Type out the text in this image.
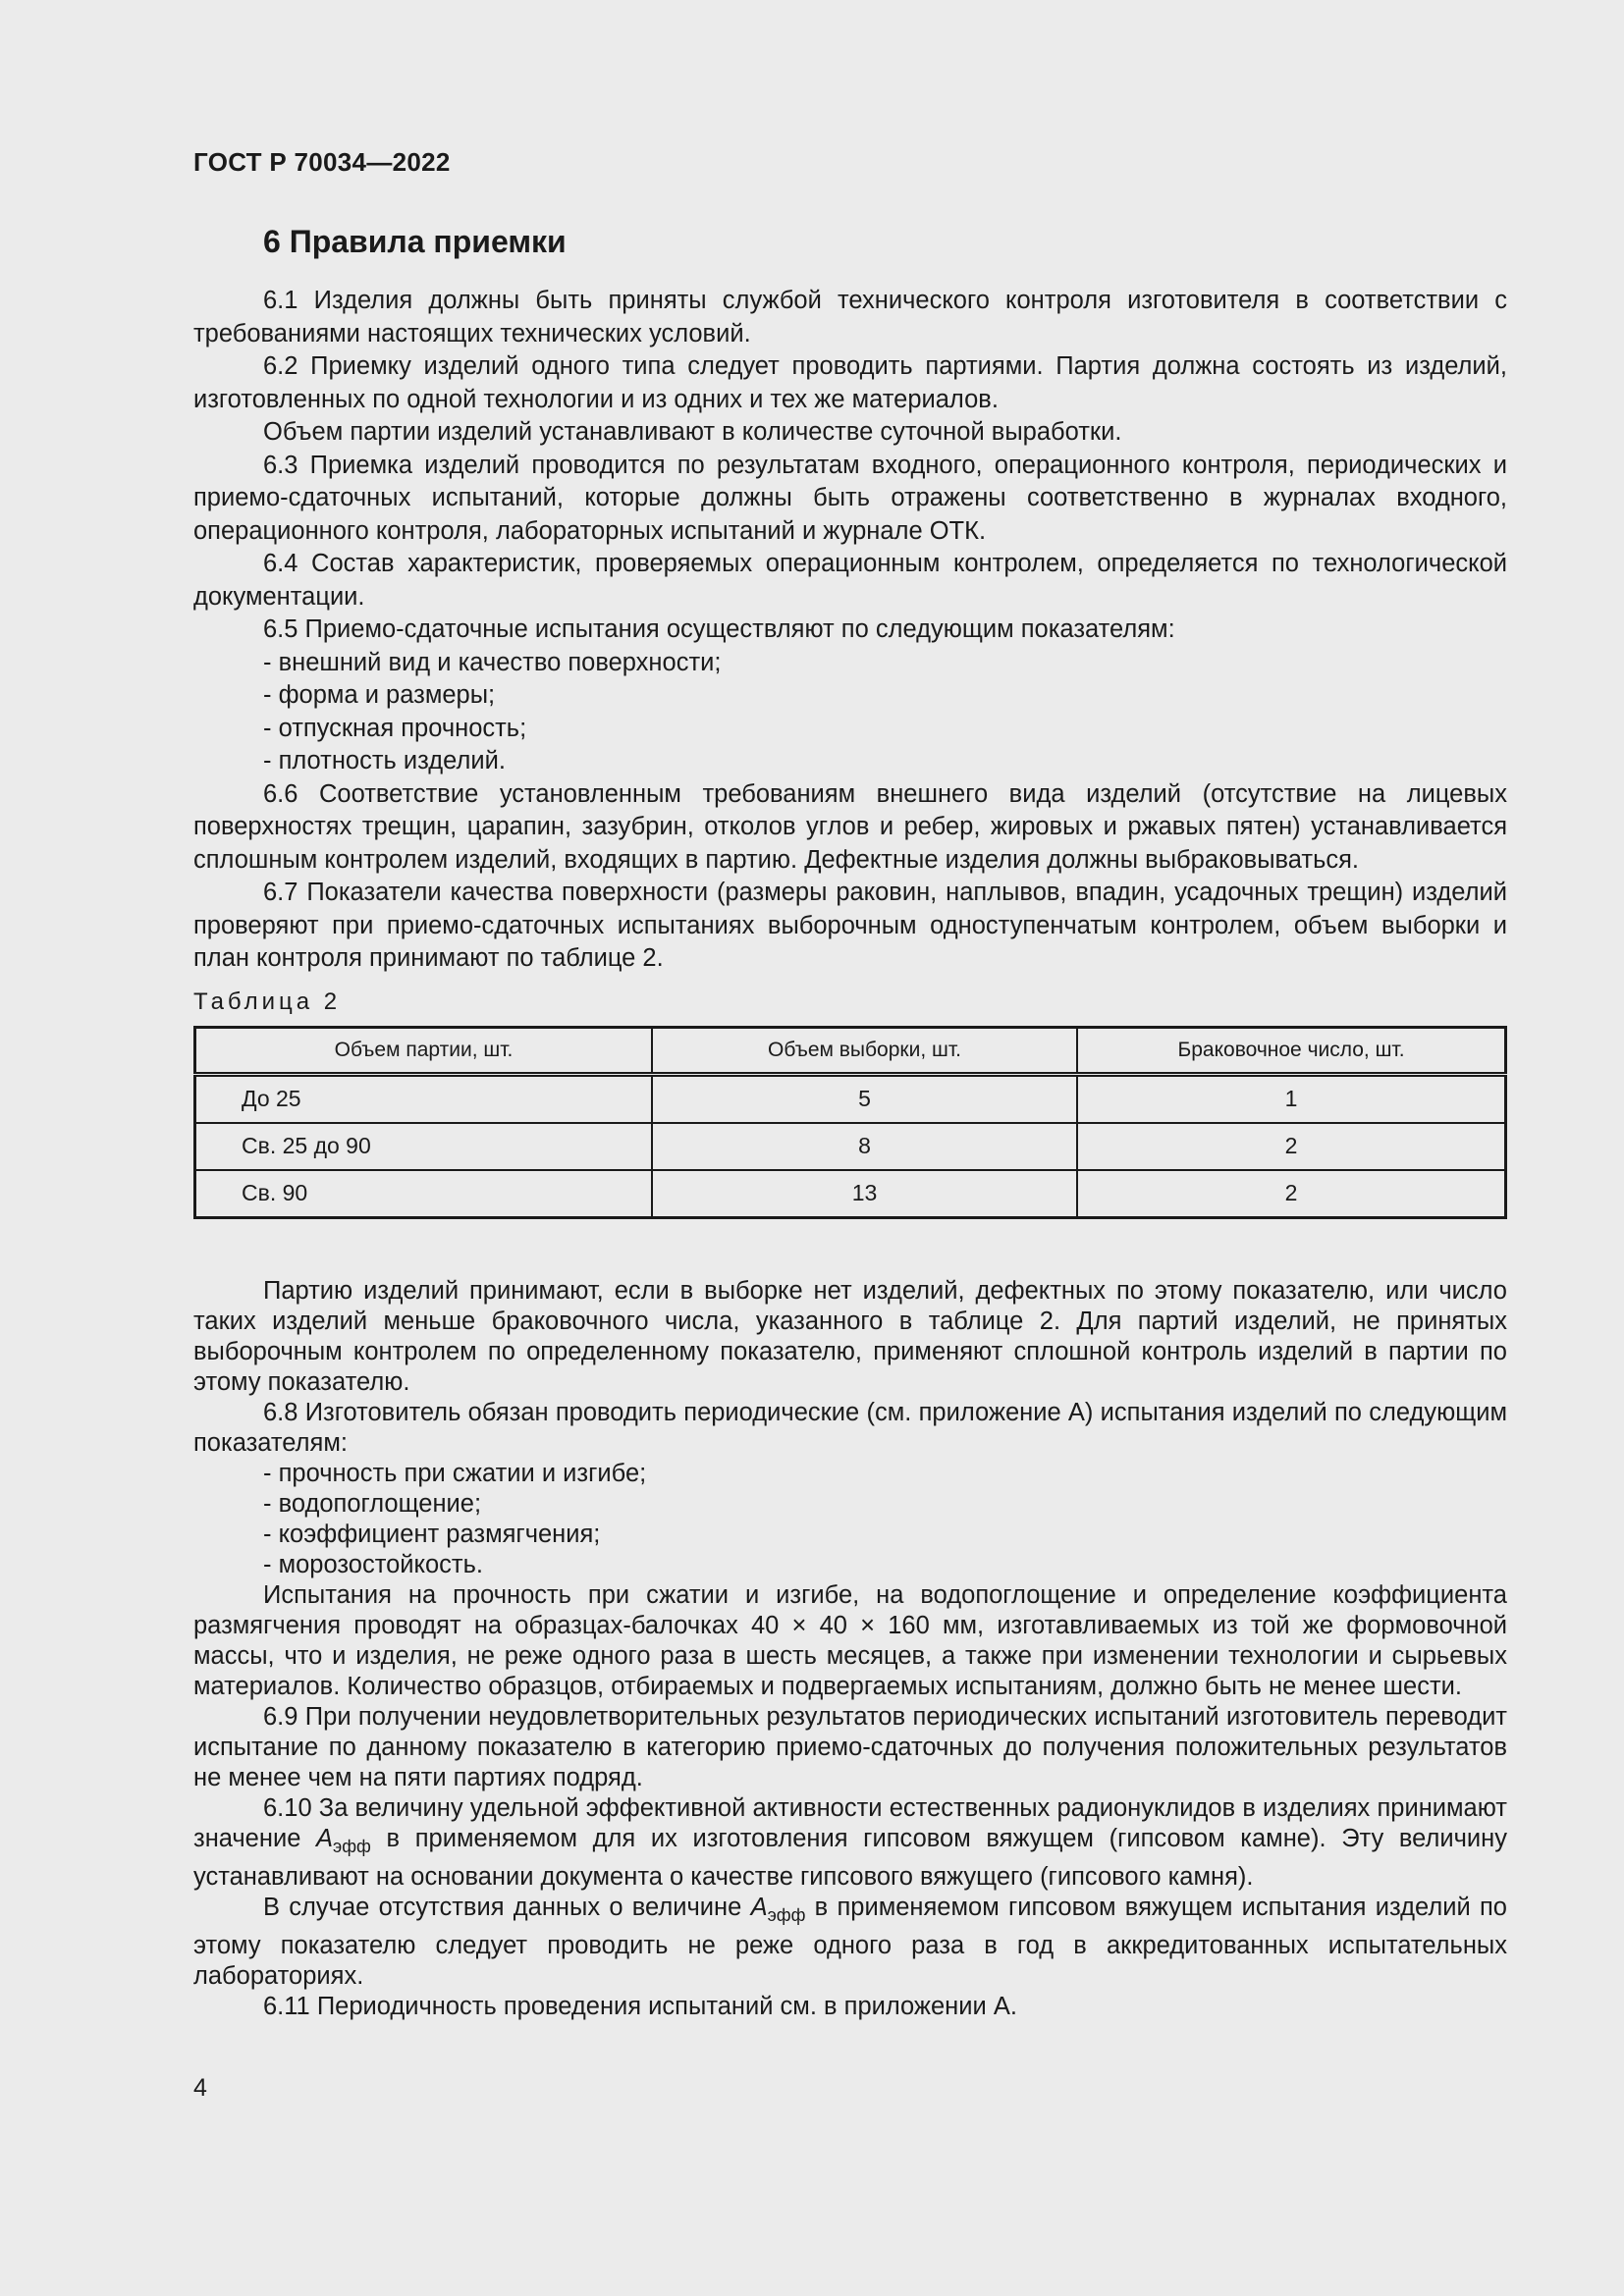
ГОСТ Р 70034—2022
6 Правила приемки

6.1 Изделия должны быть приняты службой технического контроля изготовителя в соответствии с требованиями настоящих технических условий.

6.2 Приемку изделий одного типа следует проводить партиями. Партия должна состоять из изделий, изготовленных по одной технологии и из одних и тех же материалов.

Объем партии изделий устанавливают в количестве суточной выработки.

6.3 Приемка изделий проводится по результатам входного, операционного контроля, периодических и приемо-сдаточных испытаний, которые должны быть отражены соответственно в журналах входного, операционного контроля, лабораторных испытаний и журнале ОТК.

6.4 Состав характеристик, проверяемых операционным контролем, определяется по технологической документации.

6.5 Приемо-сдаточные испытания осуществляют по следующим показателям:

- внешний вид и качество поверхности;

- форма и размеры;

- отпускная прочность;

- плотность изделий.

6.6 Соответствие установленным требованиям внешнего вида изделий (отсутствие на лицевых поверхностях трещин, царапин, зазубрин, отколов углов и ребер, жировых и ржавых пятен) устанавливается сплошным контролем изделий, входящих в партию. Дефектные изделия должны выбраковываться.

6.7 Показатели качества поверхности (размеры раковин, наплывов, впадин, усадочных трещин) изделий проверяют при приемо-сдаточных испытаниях выборочным одноступенчатым контролем, объем выборки и план контроля принимают по таблице 2.

Таблица 2
Объем партии, шт.	Объем выборки, шт.	Браковочное число, шт.
До 25	5	1
Св. 25 до 90	8	2
Св. 90	13	2

Партию изделий принимают, если в выборке нет изделий, дефектных по этому показателю, или число таких изделий меньше браковочного числа, указанного в таблице 2. Для партий изделий, не принятых выборочным контролем по определенному показателю, применяют сплошной контроль изделий в партии по этому показателю.

6.8 Изготовитель обязан проводить периодические (см. приложение А) испытания изделий по следующим показателям:

- прочность при сжатии и изгибе;

- водопоглощение;

- коэффициент размягчения;

- морозостойкость.

Испытания на прочность при сжатии и изгибе, на водопоглощение и определение коэффициента размягчения проводят на образцах-балочках 40 × 40 × 160 мм, изготавливаемых из той же формовочной массы, что и изделия, не реже одного раза в шесть месяцев, а также при изменении технологии и сырьевых материалов. Количество образцов, отбираемых и подвергаемых испытаниям, должно быть не менее шести.

6.9 При получении неудовлетворительных результатов периодических испытаний изготовитель переводит испытание по данному показателю в категорию приемо-сдаточных до получения положительных результатов не менее чем на пяти партиях подряд.

6.10 За величину удельной эффективной активности естественных радионуклидов в изделиях принимают значение $A_{эфф}$ в применяемом для их изготовления гипсовом вяжущем (гипсовом камне). Эту величину устанавливают на основании документа о качестве гипсового вяжущего (гипсового камня).

В случае отсутствия данных о величине $A_{эфф}$ в применяемом гипсовом вяжущем испытания изделий по этому показателю следует проводить не реже одного раза в год в аккредитованных испытательных лабораториях.

6.11 Периодичность проведения испытаний см. в приложении А.

4
